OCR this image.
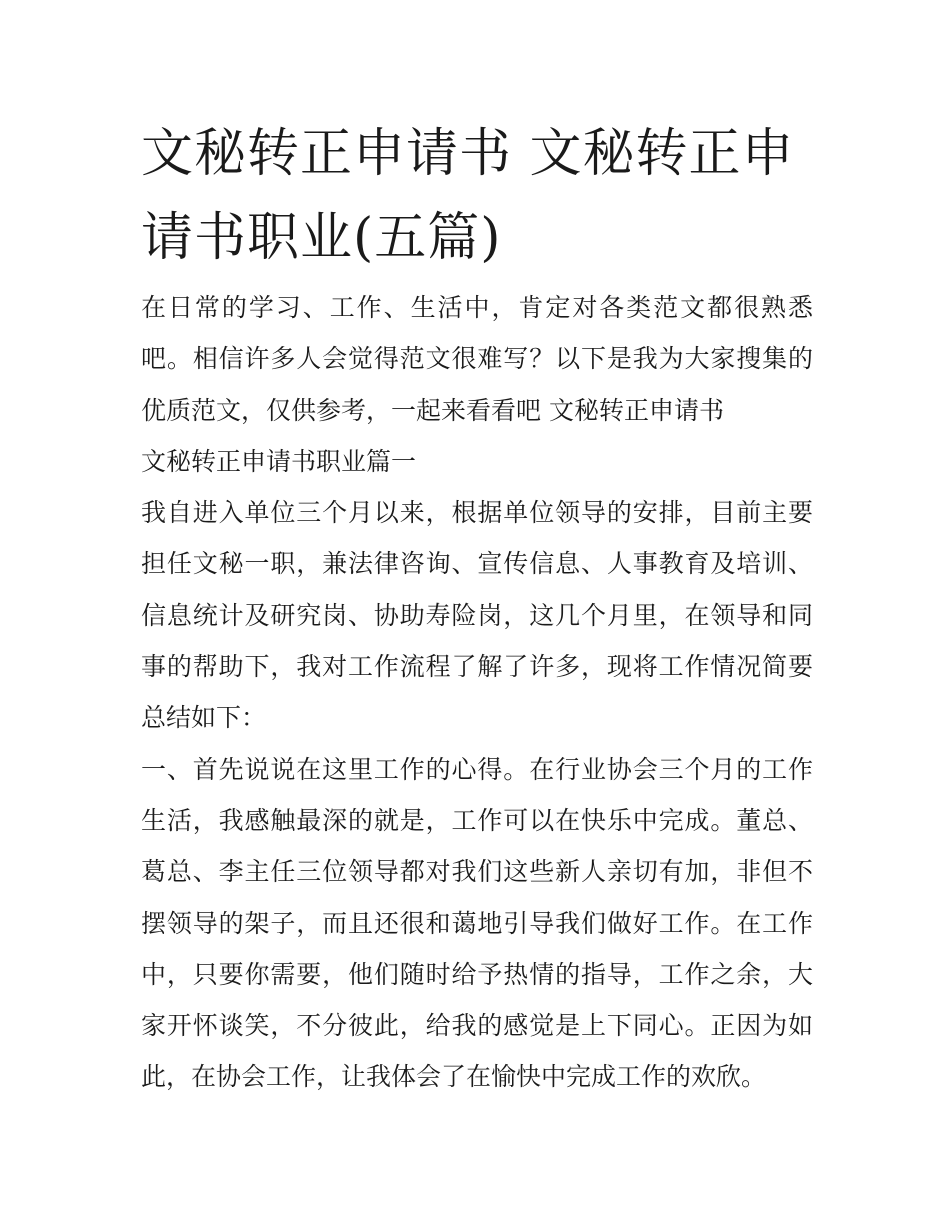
文秘转正申请书 文秘转正申请书职业(五篇)

在日常的学习、工作、生活中，肯定对各类范文都很熟悉吧。相信许多人会觉得范文很难写？以下是我为大家搜集的优质范文，仅供参考，一起来看看吧 文秘转正申请书

文秘转正申请书职业篇一

我自进入单位三个月以来，根据单位领导的安排，目前主要担任文秘一职，兼法律咨询、宣传信息、人事教育及培训、信息统计及研究岗、协助寿险岗，这几个月里，在领导和同事的帮助下，我对工作流程了解了许多，现将工作情况简要总结如下：

一、首先说说在这里工作的心得。在行业协会三个月的工作生活，我感触最深的就是，工作可以在快乐中完成。董总、葛总、李主任三位领导都对我们这些新人亲切有加，非但不摆领导的架子，而且还很和蔼地引导我们做好工作。在工作中，只要你需要，他们随时给予热情的指导，工作之余，大家开怀谈笑，不分彼此，给我的感觉是上下同心。正因为如此，在协会工作，让我体会了在愉快中完成工作的欢欣。
